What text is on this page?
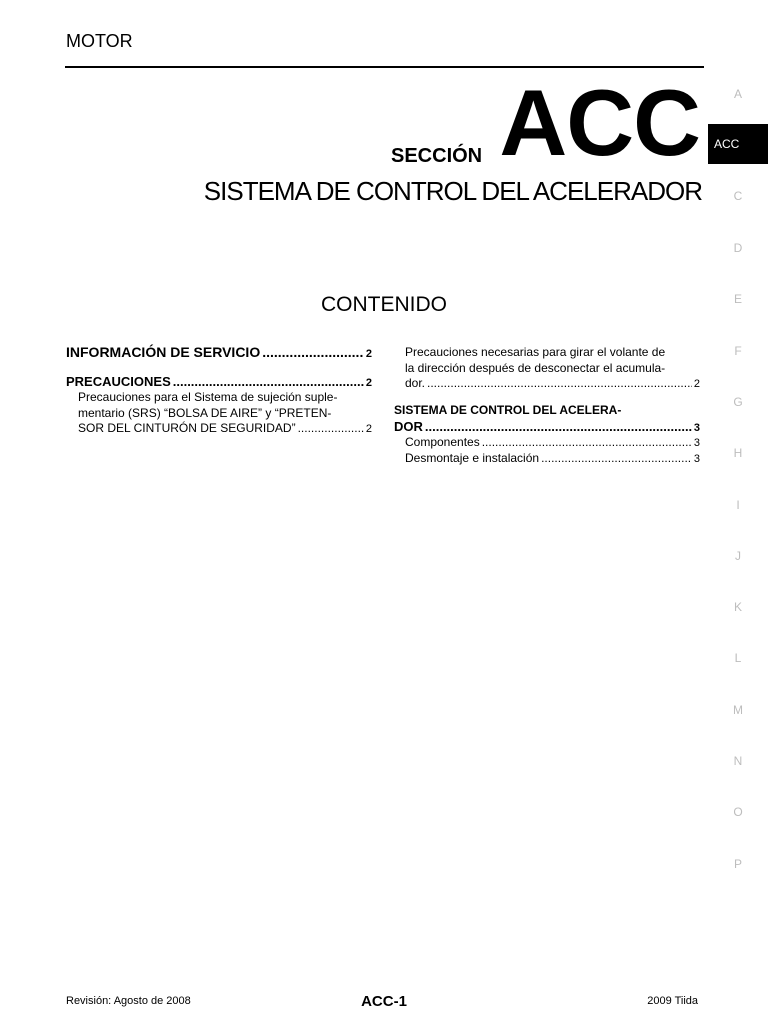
MOTOR
SECCIÓN ACC
SISTEMA DE CONTROL DEL ACELERADOR
CONTENIDO
INFORMACIÓN DE SERVICIO .....	2
PRECAUCIONES .....	2
Precauciones para el Sistema de sujeción suple-
mentario (SRS) “BOLSA DE AIRE” y “PRETEN-
SOR DEL CINTURÓN DE SEGURIDAD” .....	2
Precauciones necesarias para girar el volante de
la dirección después de desconectar el acumula-
dor. .....	2
SISTEMA DE CONTROL DEL ACELERA-
DOR .....	3
Componentes .....	3
Desmontaje e instalación .....	3
A
ACC
C
D
E
F
G
H
I
J
K
L
M
N
O
P
Revisión: Agosto de 2008	ACC-1	2009 Tiida
